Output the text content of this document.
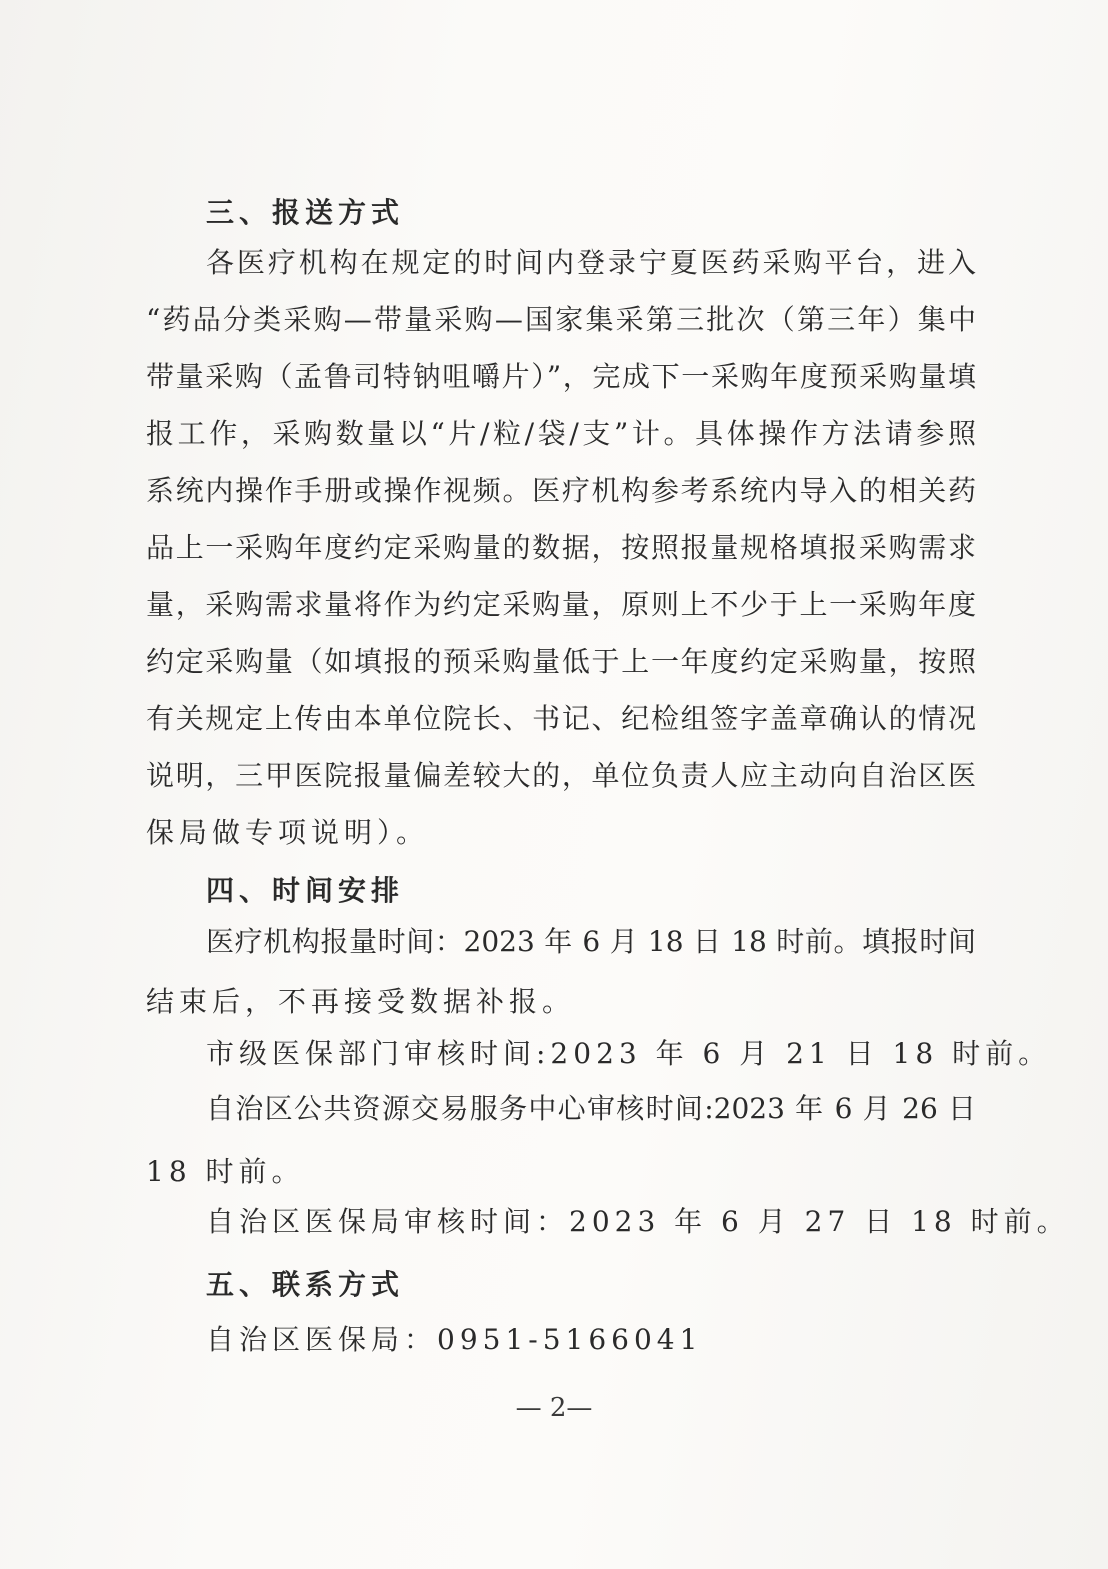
三、报送方式
各医疗机构在规定的时间内登录宁夏医药采购平台，进入
“药品分类采购—带量采购—国家集采第三批次（第三年）集中
带量采购（孟鲁司特钠咀嚼片）”，完成下一采购年度预采购量填
报工作，采购数量以“片/粒/袋/支”计。具体操作方法请参照
系统内操作手册或操作视频。医疗机构参考系统内导入的相关药
品上一采购年度约定采购量的数据，按照报量规格填报采购需求
量，采购需求量将作为约定采购量，原则上不少于上一采购年度
约定采购量（如填报的预采购量低于上一年度约定采购量，按照
有关规定上传由本单位院长、书记、纪检组签字盖章确认的情况
说明，三甲医院报量偏差较大的，单位负责人应主动向自治区医
保局做专项说明）。
四、时间安排
医疗机构报量时间：2023 年 6 月 18 日 18 时前。填报时间
结束后，不再接受数据补报。
市级医保部门审核时间:2023 年 6 月 21 日 18 时前。
自治区公共资源交易服务中心审核时间:2023 年 6 月 26 日
18 时前。
自治区医保局审核时间：2023 年 6 月 27 日 18 时前。
五、联系方式
自治区医保局：0951-5166041
— 2—
